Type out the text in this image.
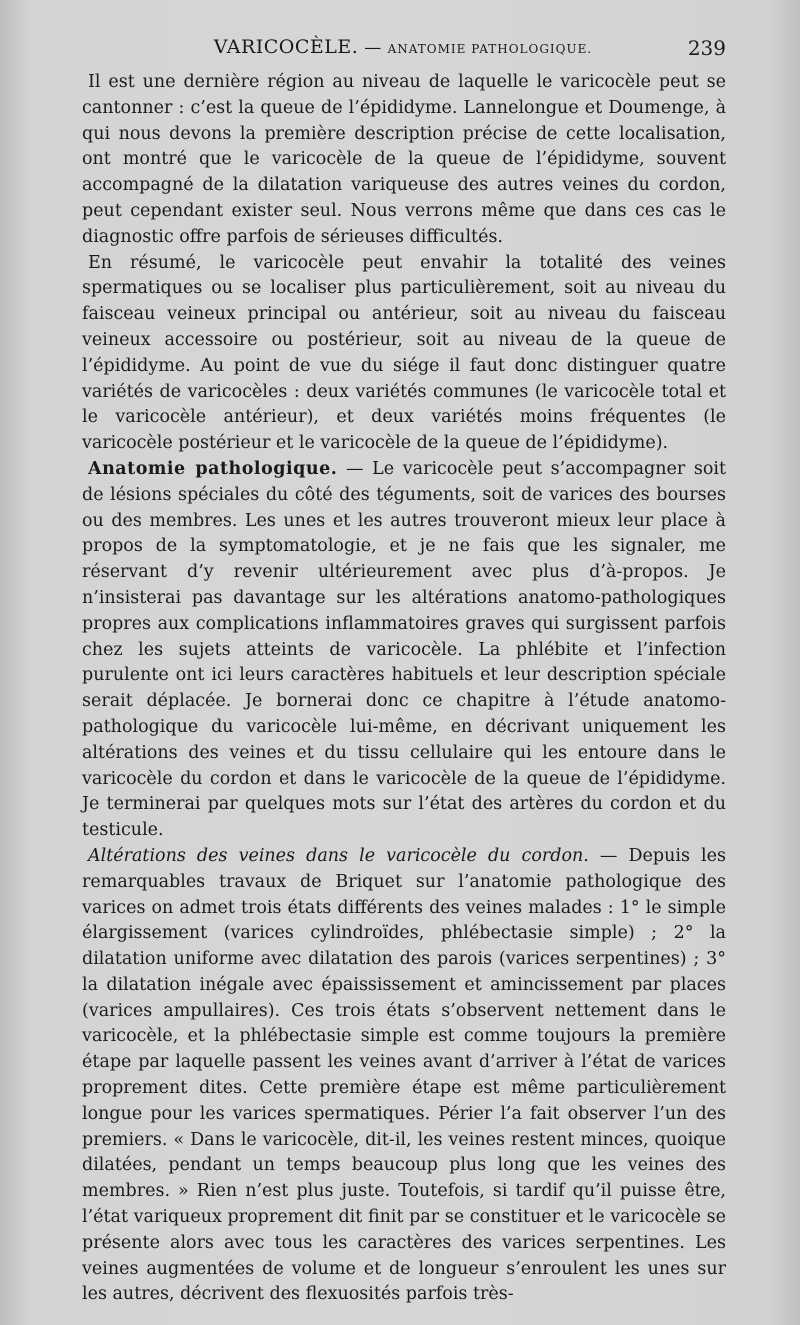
VARICOCÈLE. — ANATOMIE PATHOLOGIQUE.	239

Il est une dernière région au niveau de laquelle le varicocèle peut se cantonner : c’est la queue de l’épididyme. Lannelongue et Doumenge, à qui nous devons la première description précise de cette localisation, ont montré que le varicocèle de la queue de l’épididyme, souvent accompagné de la dilatation variqueuse des autres veines du cordon, peut cependant exister seul. Nous verrons même que dans ces cas le diagnostic offre parfois de sérieuses difficultés.

En résumé, le varicocèle peut envahir la totalité des veines spermatiques ou se localiser plus particulièrement, soit au niveau du faisceau veineux principal ou antérieur, soit au niveau du faisceau veineux accessoire ou postérieur, soit au niveau de la queue de l’épididyme. Au point de vue du siége il faut donc distinguer quatre variétés de varicocèles : deux variétés communes (le varicocèle total et le varicocèle antérieur), et deux variétés moins fréquentes (le varicocèle postérieur et le varicocèle de la queue de l’épididyme).

Anatomie pathologique. — Le varicocèle peut s’accompagner soit de lésions spéciales du côté des téguments, soit de varices des bourses ou des membres. Les unes et les autres trouveront mieux leur place à propos de la symptomatologie, et je ne fais que les signaler, me réservant d’y revenir ultérieurement avec plus d’à-propos. Je n’insisterai pas davantage sur les altérations anatomo-pathologiques propres aux complications inflammatoires graves qui surgissent parfois chez les sujets atteints de varicocèle. La phlébite et l’infection purulente ont ici leurs caractères habituels et leur description spéciale serait déplacée. Je bornerai donc ce chapitre à l’étude anatomo-pathologique du varicocèle lui-même, en décrivant uniquement les altérations des veines et du tissu cellulaire qui les entoure dans le varicocèle du cordon et dans le varicocèle de la queue de l’épididyme. Je terminerai par quelques mots sur l’état des artères du cordon et du testicule.

Altérations des veines dans le varicocèle du cordon. — Depuis les remarquables travaux de Briquet sur l’anatomie pathologique des varices on admet trois états différents des veines malades : 1° le simple élargissement (varices cylindroïdes, phlébectasie simple) ; 2° la dilatation uniforme avec dilatation des parois (varices serpentines) ; 3° la dilatation inégale avec épaississement et amincissement par places (varices ampullaires). Ces trois états s’observent nettement dans le varicocèle, et la phlébectasie simple est comme toujours la première étape par laquelle passent les veines avant d’arriver à l’état de varices proprement dites. Cette première étape est même particulièrement longue pour les varices spermatiques. Périer l’a fait observer l’un des premiers. « Dans le varicocèle, dit-il, les veines restent minces, quoique dilatées, pendant un temps beaucoup plus long que les veines des membres. » Rien n’est plus juste. Toutefois, si tardif qu’il puisse être, l’état variqueux proprement dit finit par se constituer et le varicocèle se présente alors avec tous les caractères des varices serpentines. Les veines augmentées de volume et de longueur s’enroulent les unes sur les autres, décrivent des flexuosités parfois très-
